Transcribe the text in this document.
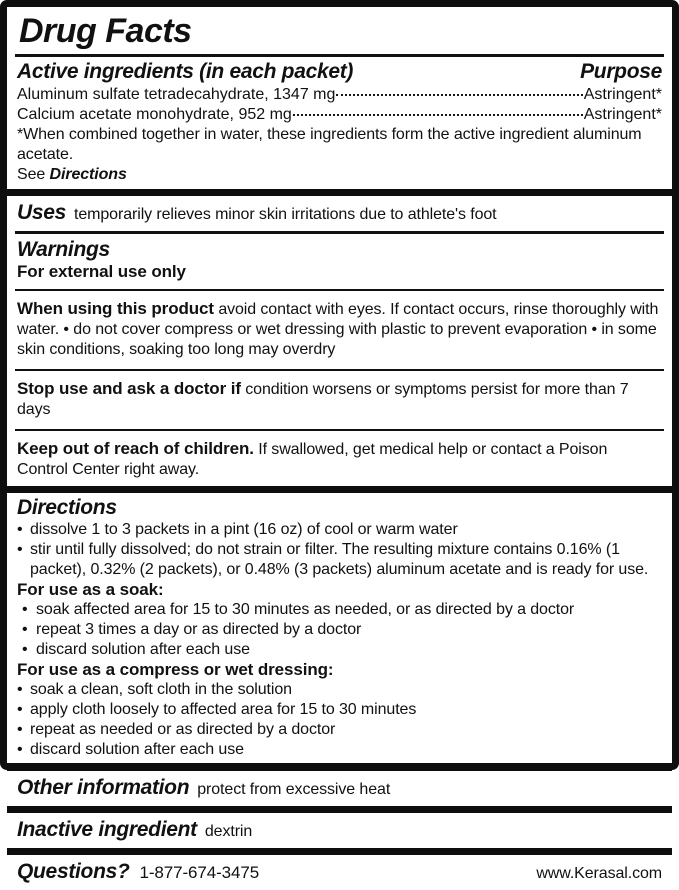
Drug Facts
Active ingredients (in each packet)	Purpose
Aluminum sulfate tetradecahydrate, 1347 mg	Astringent*
Calcium acetate monohydrate, 952 mg	Astringent*
*When combined together in water, these ingredients form the active ingredient aluminum acetate.
See Directions
Uses temporarily relieves minor skin irritations due to athlete's foot
Warnings
For external use only
When using this product avoid contact with eyes. If contact occurs, rinse thoroughly with water. • do not cover compress or wet dressing with plastic to prevent evaporation • in some skin conditions, soaking too long may overdry
Stop use and ask a doctor if condition worsens or symptoms persist for more than 7 days
Keep out of reach of children. If swallowed, get medical help or contact a Poison Control Center right away.
Directions
• dissolve 1 to 3 packets in a pint (16 oz) of cool or warm water
• stir until fully dissolved; do not strain or filter. The resulting mixture contains 0.16% (1 packet), 0.32% (2 packets), or 0.48% (3 packets) aluminum acetate and is ready for use.
For use as a soak:
• soak affected area for 15 to 30 minutes as needed, or as directed by a doctor
• repeat 3 times a day or as directed by a doctor
• discard solution after each use
For use as a compress or wet dressing:
• soak a clean, soft cloth in the solution
• apply cloth loosely to affected area for 15 to 30 minutes
• repeat as needed or as directed by a doctor
• discard solution after each use
Other information protect from excessive heat
Inactive ingredient dextrin
Questions? 1-877-674-3475	www.Kerasal.com
